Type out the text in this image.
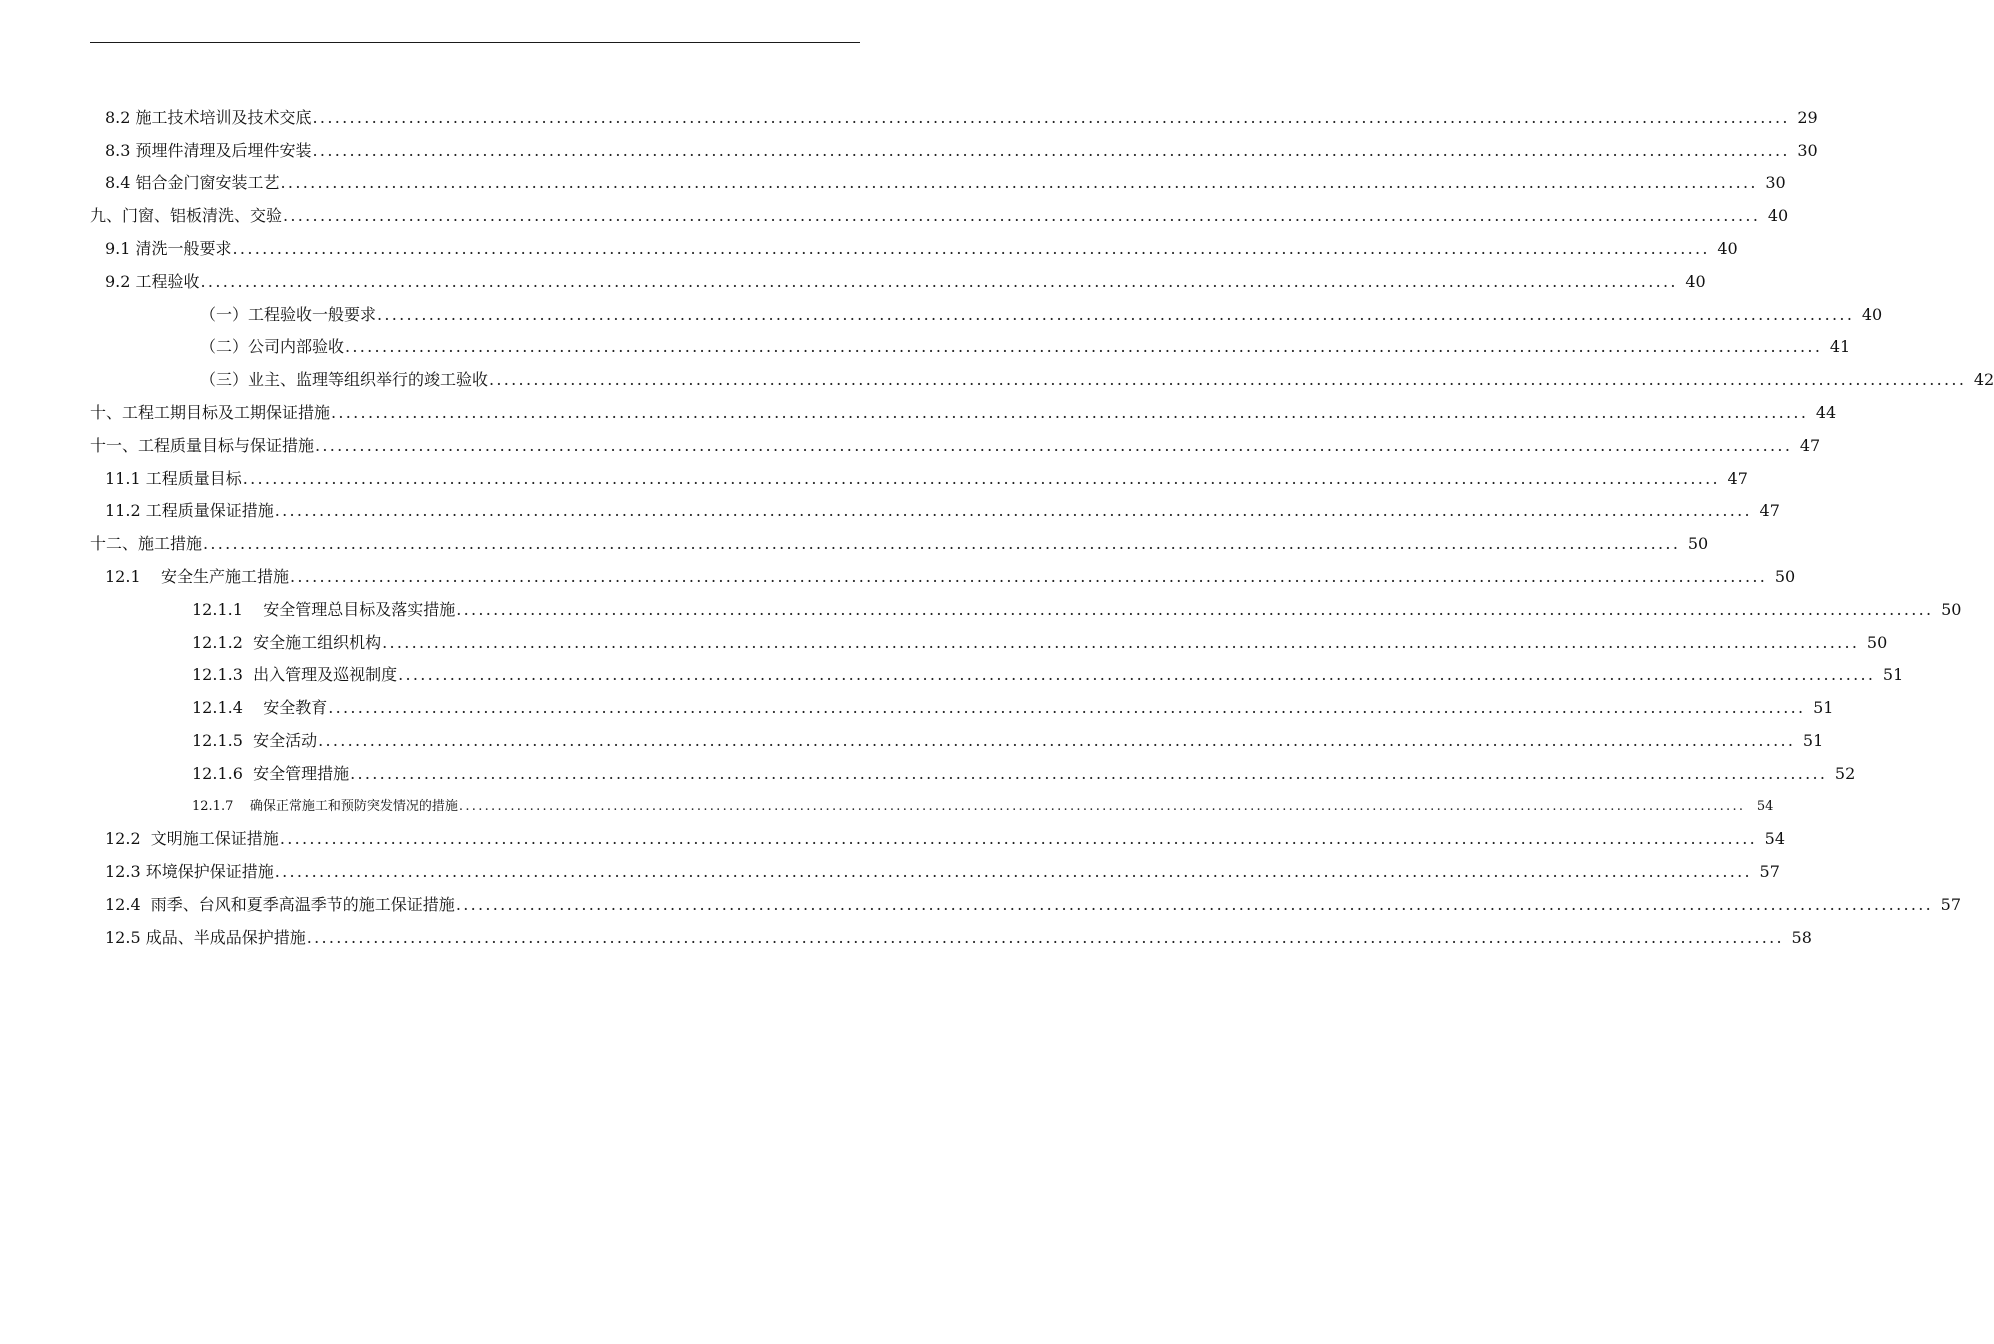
8.2 施工技术培训及技术交底 ........................................................................................................................................................................................................ 29
8.3 预埋件清理及后埋件安装 ........................................................................................................................................................................................................ 30
8.4 铝合金门窗安装工艺 ........................................................................................................................................................................................................ 30
九、门窗、铝板清洗、交验 ........................................................................................................................................................................................................ 40
9.1 清洗一般要求 ........................................................................................................................................................................................................ 40
9.2 工程验收 ........................................................................................................................................................................................................ 40
（一）工程验收一般要求 ........................................................................................................................................................................................................ 40
（二）公司内部验收 ........................................................................................................................................................................................................ 41
（三）业主、监理等组织举行的竣工验收 ........................................................................................................................................................................................................ 42
十、工程工期目标及工期保证措施 ........................................................................................................................................................................................................ 44
十一、工程质量目标与保证措施 ........................................................................................................................................................................................................ 47
11.1 工程质量目标 ........................................................................................................................................................................................................ 47
11.2 工程质量保证措施 ........................................................................................................................................................................................................ 47
十二、施工措施 ........................................................................................................................................................................................................ 50
12.1    安全生产施工措施 ........................................................................................................................................................................................................ 50
12.1.1    安全管理总目标及落实措施 ........................................................................................................................................................................................................ 50
12.1.2  安全施工组织机构 ........................................................................................................................................................................................................ 50
12.1.3  出入管理及巡视制度 ........................................................................................................................................................................................................ 51
12.1.4    安全教育 ........................................................................................................................................................................................................ 51
12.1.5  安全活动 ........................................................................................................................................................................................................ 51
12.1.6  安全管理措施 ........................................................................................................................................................................................................ 52
12.1.7    确保正常施工和预防突发情况的措施 ........................................................................................................................................................................................................ 54
12.2  文明施工保证措施 ........................................................................................................................................................................................................ 54
12.3 环境保护保证措施 ........................................................................................................................................................................................................ 57
12.4  雨季、台风和夏季高温季节的施工保证措施 ........................................................................................................................................................................................................ 57
12.5 成品、半成品保护措施 ........................................................................................................................................................................................................ 58
